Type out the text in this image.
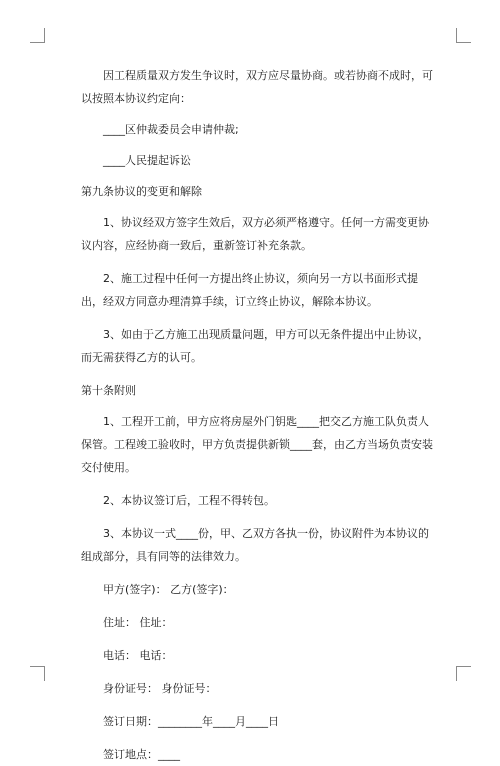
因工程质量双方发生争议时，双方应尽量协商。或若协商不成时，可以按照本协议约定向：

____区仲裁委员会申请仲裁;

____人民提起诉讼

第九条协议的变更和解除

1、协议经双方签字生效后，双方必须严格遵守。任何一方需变更协议内容，应经协商一致后，重新签订补充条款。

2、施工过程中任何一方提出终止协议，须向另一方以书面形式提出，经双方同意办理清算手续，订立终止协议，解除本协议。

3、如由于乙方施工出现质量问题，甲方可以无条件提出中止协议，而无需获得乙方的认可。

第十条附则

1、工程开工前，甲方应将房屋外门钥匙____把交乙方施工队负责人保管。工程竣工验收时，甲方负责提供新锁____套，由乙方当场负责安装交付使用。

2、本协议签订后，工程不得转包。

3、本协议一式____份，甲、乙双方各执一份，协议附件为本协议的组成部分，具有同等的法律效力。

甲方(签字)： 乙方(签字)：

住址： 住址：

电话： 电话：

身份证号： 身份证号：

签订日期：________年____月____日

签订地点：____
